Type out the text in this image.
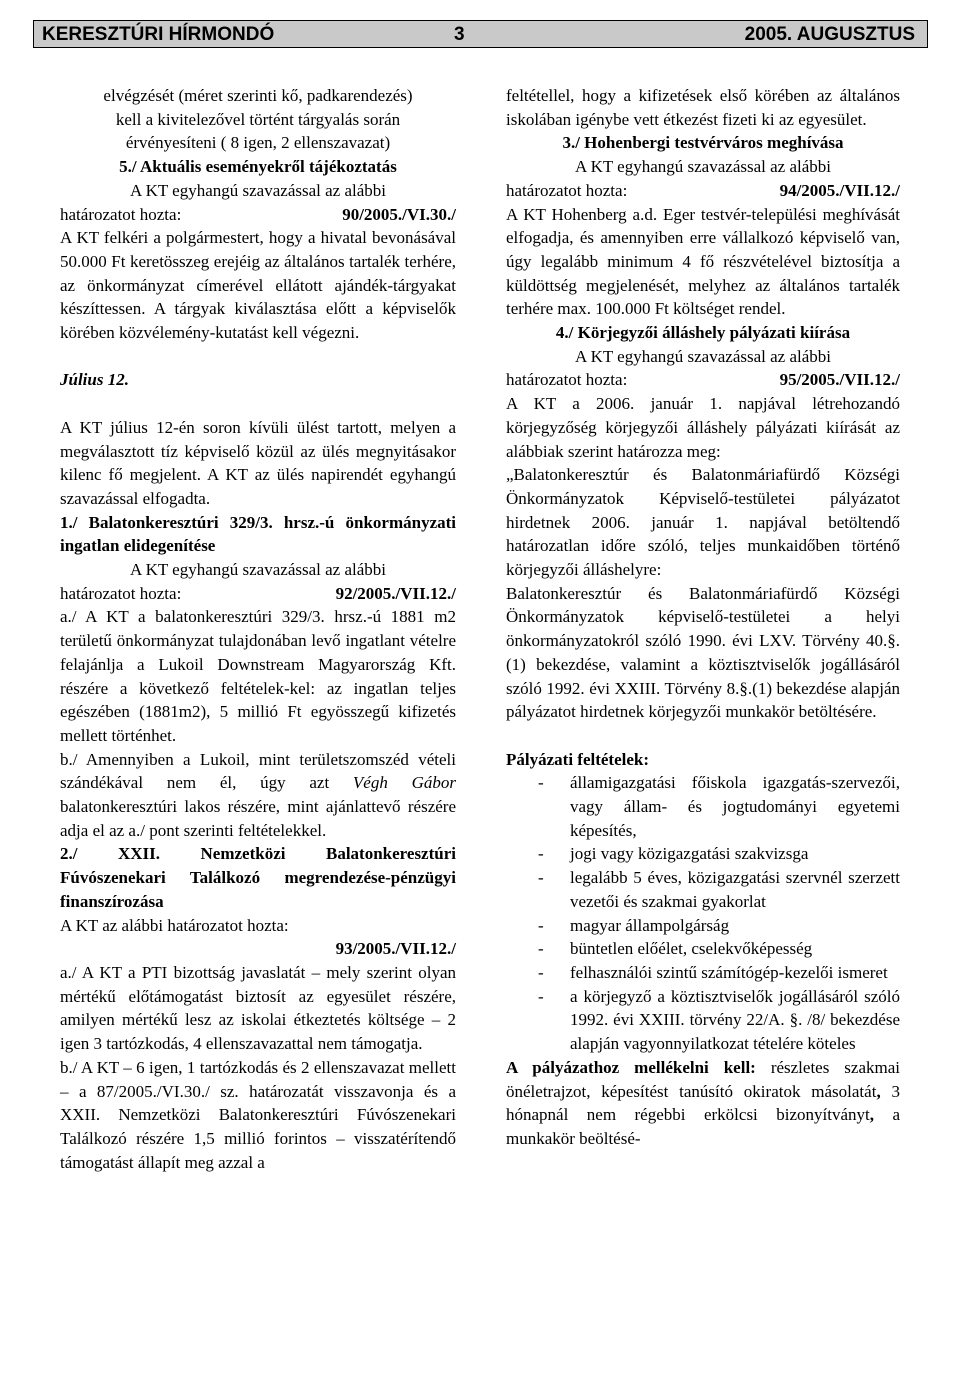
KERESZTÚRI HÍRMONDÓ	3	2005. AUGUSZTUS

elvégzését (méret szerinti kő, padkarendezés)

kell a kivitelezővel történt tárgyalás során

érvényesíteni ( 8 igen, 2 ellenszavazat)

5./ Aktuális eseményekről tájékoztatás

A KT egyhangú szavazással az alábbi

határozatot hozta:	90/2005./VI.30./

A KT felkéri a polgármestert, hogy a hivatal bevonásával 50.000 Ft keretösszeg erejéig az általános tartalék terhére, az önkormányzat címerével ellátott ajándék-tárgyakat készíttessen. A tárgyak kiválasztása előtt a képviselők körében közvélemény-kutatást kell végezni.

Július 12.

A KT július 12-én soron kívüli ülést tartott, melyen a megválasztott tíz képviselő közül az ülés megnyitásakor kilenc fő megjelent. A KT az ülés napirendét egyhangú szavazással elfogadta.

1./ Balatonkeresztúri 329/3. hrsz.-ú önkormányzati ingatlan elidegenítése

A KT egyhangú szavazással az alábbi

határozatot hozta:	92/2005./VII.12./

a./ A KT a balatonkeresztúri 329/3. hrsz.-ú 1881 m2 területű önkormányzat tulajdonában levő ingatlant vételre felajánlja a Lukoil Downstream Magyarország Kft. részére a következő feltételek-kel: az ingatlan teljes egészében (1881m2), 5 millió Ft egyösszegű kifizetés mellett történhet.

b./ Amennyiben a Lukoil, mint területszomszéd vételi szándékával nem él, úgy azt Végh Gábor balatonkeresztúri lakos részére, mint ajánlattevő részére adja el az a./ pont szerinti feltételekkel.

2./ XXII. Nemzetközi Balatonkeresztúri Fúvószenekari Találkozó megrendezése-pénzügyi finanszírozása

A KT az alábbi határozatot hozta:

93/2005./VII.12./

a./ A KT a PTI bizottság javaslatát – mely szerint olyan mértékű előtámogatást biztosít az egyesület részére, amilyen mértékű lesz az iskolai étkeztetés költsége – 2 igen 3 tartózkodás, 4 ellenszavazattal nem támogatja.

b./ A KT – 6 igen, 1 tartózkodás és 2 ellenszavazat mellett – a 87/2005./VI.30./ sz. határozatát visszavonja és a XXII. Nemzetközi Balatonkeresztúri Fúvószenekari Találkozó részére 1,5 millió forintos – visszatérítendő támogatást állapít meg azzal a

feltétellel, hogy a kifizetések első körében az általános iskolában igénybe vett étkezést fizeti ki az egyesület.

3./ Hohenbergi testvérváros meghívása

A KT egyhangú szavazással az alábbi

határozatot hozta:	94/2005./VII.12./

A KT Hohenberg a.d. Eger testvér-települési meghívását elfogadja, és amennyiben erre vállalkozó képviselő van, úgy legalább minimum 4 fő részvételével biztosítja a küldöttség megjelenését, melyhez az általános tartalék terhére max. 100.000 Ft költséget rendel.

4./ Körjegyzői álláshely pályázati kiírása

A KT egyhangú szavazással az alábbi

határozatot hozta:	95/2005./VII.12./

A KT a 2006. január 1. napjával létrehozandó körjegyzőség körjegyzői álláshely pályázati kiírását az alábbiak szerint határozza meg:

„Balatonkeresztúr és Balatonmáriafürdő Községi Önkormányzatok Képviselő-testületei pályázatot hirdetnek 2006. január 1. napjával betöltendő határozatlan időre szóló, teljes munkaidőben történő körjegyzői álláshelyre:

Balatonkeresztúr és Balatonmáriafürdő Községi Önkormányzatok képviselő-testületei a helyi önkormányzatokról szóló 1990. évi LXV. Törvény 40.§.(1) bekezdése, valamint a köztisztviselők jogállásáról szóló 1992. évi XXIII. Törvény 8.§.(1) bekezdése alapján pályázatot hirdetnek körjegyzői munkakör betöltésére.

Pályázati feltételek:

- államigazgatási főiskola igazgatás-szervezői, vagy állam- és jogtudományi egyetemi képesítés,
- jogi vagy közigazgatási szakvizsga
- legalább 5 éves, közigazgatási szervnél szerzett vezetői és szakmai gyakorlat
- magyar állampolgárság
- büntetlen előélet, cselekvőképesség
- felhasználói szintű számítógép-kezelői ismeret
- a körjegyző a köztisztviselők jogállásáról szóló 1992. évi XXIII. törvény 22/A. §. /8/ bekezdése alapján vagyonnyilatkozat tételére köteles

A pályázathoz mellékelni kell: részletes szakmai önéletrajzot, képesítést tanúsító okiratok másolatát, 3 hónapnál nem régebbi erkölcsi bizonyítványt, a munkakör beöltésé-
